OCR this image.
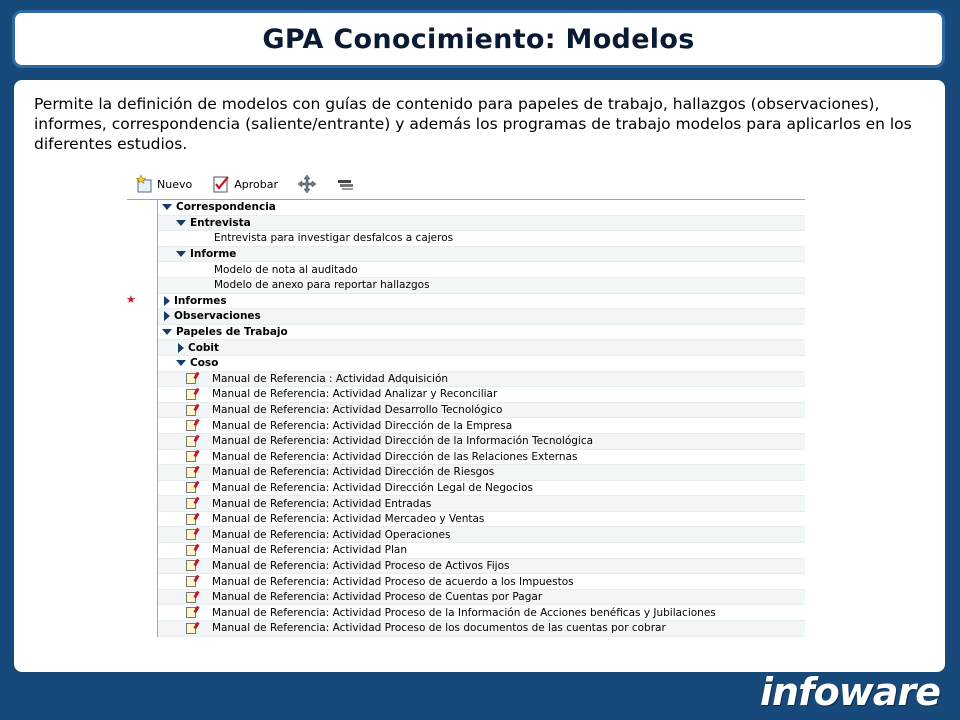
GPA Conocimiento: Modelos
Permite la definición de modelos con guías de contenido para papeles de trabajo, hallazgos (observaciones), informes, correspondencia (saliente/entrante) y además los programas de trabajo modelos para aplicarlos en los diferentes estudios.
Nuevo	Aprobar
Correspondencia
Entrevista
Entrevista para investigar desfalcos a cajeros
Informe
Modelo de nota al auditado
Modelo de anexo para reportar hallazgos
Informes
Observaciones
Papeles de Trabajo
Cobit
Coso
Manual de Referencia : Actividad Adquisición
Manual de Referencia: Actividad Analizar y Reconciliar
Manual de Referencia: Actividad Desarrollo Tecnológico
Manual de Referencia: Actividad Dirección de la Empresa
Manual de Referencia: Actividad Dirección de la Información Tecnológica
Manual de Referencia: Actividad Dirección de las Relaciones Externas
Manual de Referencia: Actividad Dirección de Riesgos
Manual de Referencia: Actividad Dirección Legal de Negocios
Manual de Referencia: Actividad Entradas
Manual de Referencia: Actividad Mercadeo y Ventas
Manual de Referencia: Actividad Operaciones
Manual de Referencia: Actividad Plan
Manual de Referencia: Actividad Proceso de Activos Fijos
Manual de Referencia: Actividad Proceso de acuerdo a los Impuestos
Manual de Referencia: Actividad Proceso de Cuentas por Pagar
Manual de Referencia: Actividad Proceso de la Información de Acciones benéficas y Jubilaciones
Manual de Referencia: Actividad Proceso de los documentos de las cuentas por cobrar
★
infoware
